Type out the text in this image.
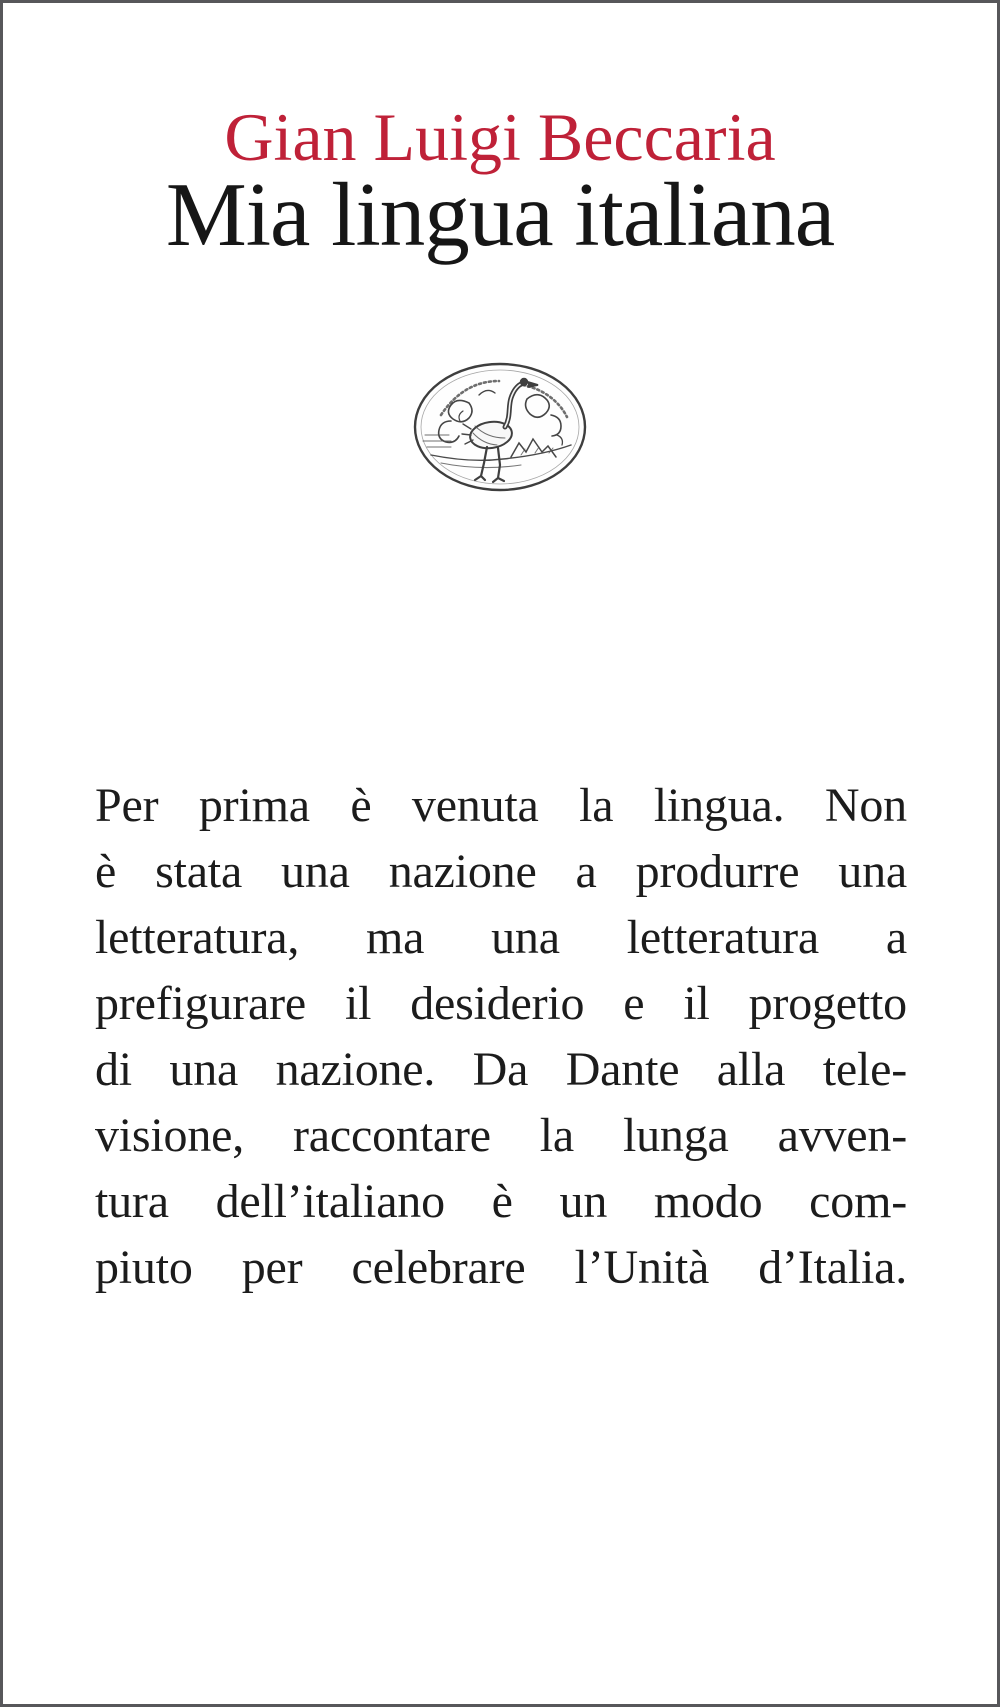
Gian Luigi Beccaria
Mia lingua italiana
Per prima è venuta la lingua. Non
è stata una nazione a produrre una
letteratura, ma una letteratura a
prefigurare il desiderio e il progetto
di una nazione. Da Dante alla tele-
visione, raccontare la lunga avven-
tura dell’italiano è un modo com-
piuto per celebrare l’Unità d’Italia.
